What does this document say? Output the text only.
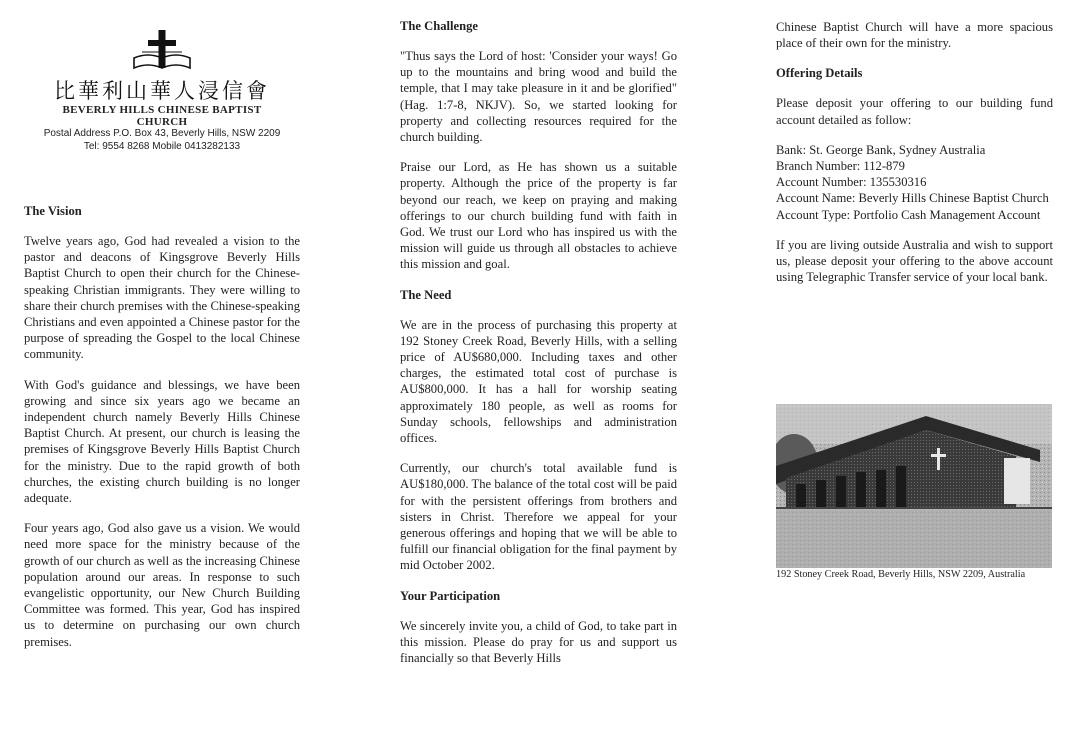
比華利山華人浸信會
BEVERLY HILLS CHINESE BAPTIST CHURCH
Postal Address P.O. Box 43, Beverly Hills, NSW 2209
Tel: 9554 8268 Mobile 0413282133
The Vision

Twelve years ago, God had revealed a vision to the pastor and deacons of Kingsgrove Beverly Hills Baptist Church to open their church for the Chinese-speaking Christian immigrants. They were willing to share their church premises with the Chinese-speaking Christians and even appointed a Chinese pastor for the purpose of spreading the Gospel to the local Chinese community.

With God's guidance and blessings, we have been growing and since six years ago we became an independent church namely Beverly Hills Chinese Baptist Church. At present, our church is leasing the premises of Kingsgrove Beverly Hills Baptist Church for the ministry. Due to the rapid growth of both churches, the existing church building is no longer adequate.

Four years ago, God also gave us a vision. We would need more space for the ministry because of the growth of our church as well as the increasing Chinese population around our areas. In response to such evangelistic opportunity, our New Church Building Committee was formed. This year, God has inspired us to determine on purchasing our own church premises.

The Challenge

"Thus says the Lord of host: 'Consider your ways! Go up to the mountains and bring wood and build the temple, that I may take pleasure in it and be glorified" (Hag. 1:7-8, NKJV). So, we started looking for property and collecting resources required for the church building.

Praise our Lord, as He has shown us a suitable property. Although the price of the property is far beyond our reach, we keep on praying and making offerings to our church building fund with faith in God. We trust our Lord who has inspired us with the mission will guide us through all obstacles to achieve this mission and goal.

The Need

We are in the process of purchasing this property at 192 Stoney Creek Road, Beverly Hills, with a selling price of AU$680,000. Including taxes and other charges, the estimated total cost of purchase is AU$800,000. It has a hall for worship seating approximately 180 people, as well as rooms for Sunday schools, fellowships and administration offices.

Currently, our church's total available fund is AU$180,000. The balance of the total cost will be paid for with the persistent offerings from brothers and sisters in Christ. Therefore we appeal for your generous offerings and hoping that we will be able to fulfill our financial obligation for the final payment by mid October 2002.

Your Participation

We sincerely invite you, a child of God, to take part in this mission. Please do pray for us and support us financially so that Beverly Hills

Chinese Baptist Church will have a more spacious place of their own for the ministry.

Offering Details

Please deposit your offering to our building fund account detailed as follow:

Bank: St. George Bank, Sydney Australia

Branch Number: 112-879

Account Number: 135530316

Account Name: Beverly Hills Chinese Baptist Church

Account Type: Portfolio Cash Management Account

If you are living outside Australia and wish to support us, please deposit your offering to the above account using Telegraphic Transfer service of your local bank.

192 Stoney Creek Road, Beverly Hills, NSW 2209, Australia
